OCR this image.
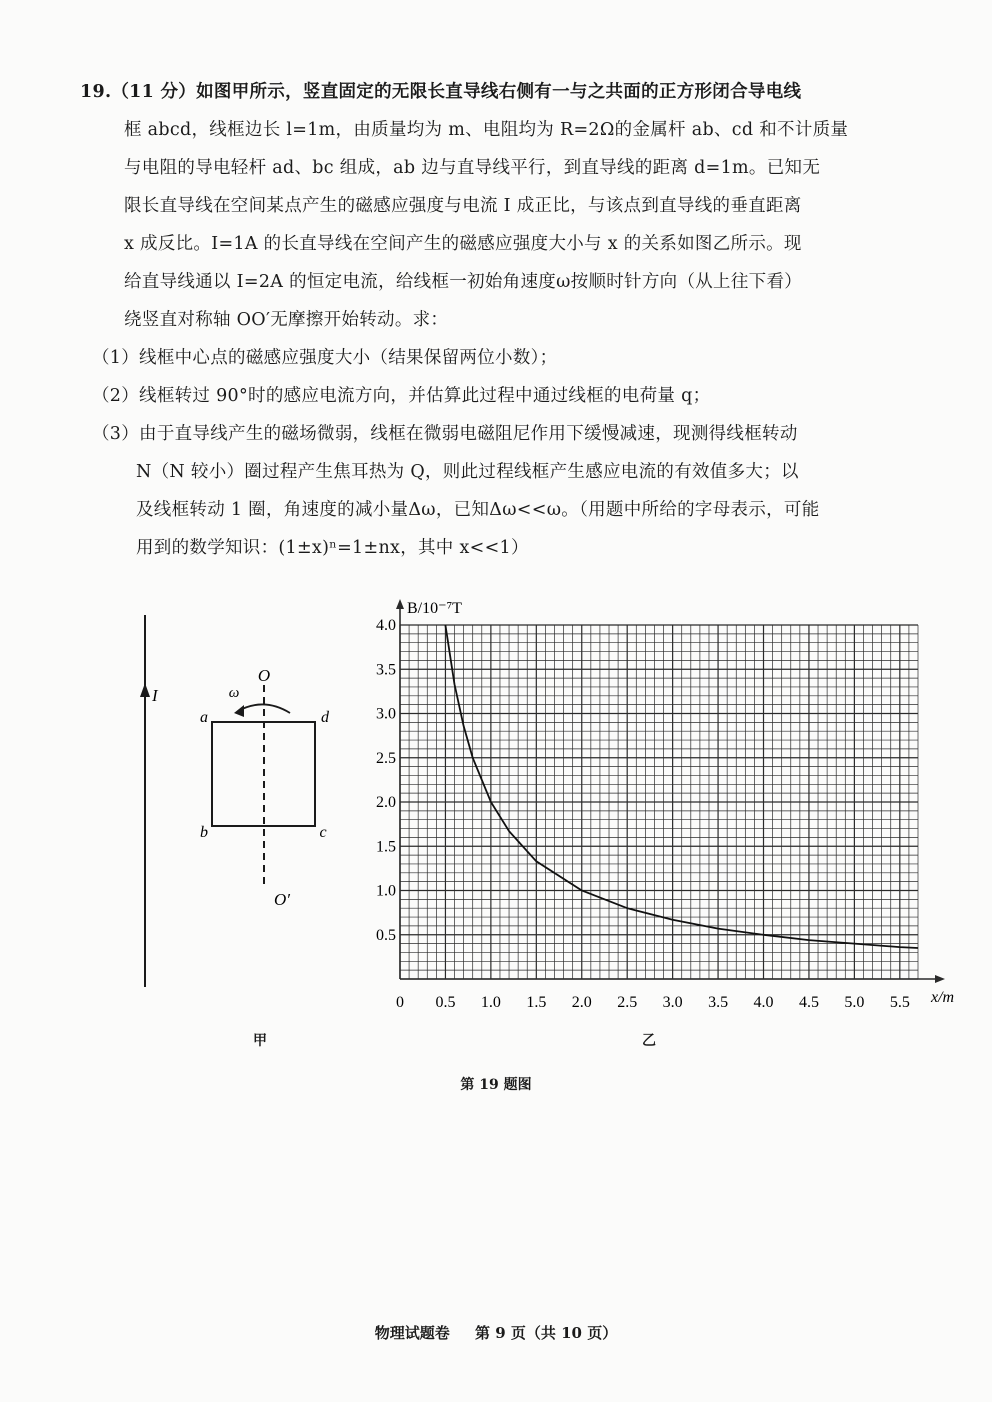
19.（11 分）如图甲所示，竖直固定的无限长直导线右侧有一与之共面的正方形闭合导电线
框 abcd，线框边长 l=1m，由质量均为 m、电阻均为 R=2Ω的金属杆 ab、cd 和不计质量
与电阻的导电轻杆 ad、bc 组成，ab 边与直导线平行，到直导线的距离 d=1m。已知无
限长直导线在空间某点产生的磁感应强度与电流 I 成正比，与该点到直导线的垂直距离
x 成反比。I=1A 的长直导线在空间产生的磁感应强度大小与 x 的关系如图乙所示。现
给直导线通以 I=2A 的恒定电流，给线框一初始角速度ω按顺时针方向（从上往下看）
绕竖直对称轴 OO′无摩擦开始转动。求：
（1）线框中心点的磁感应强度大小（结果保留两位小数）；
（2）线框转过 90°时的感应电流方向，并估算此过程中通过线框的电荷量 q；
（3）由于直导线产生的磁场微弱，线框在微弱电磁阻尼作用下缓慢减速，现测得线框转动
N（N 较小）圈过程产生焦耳热为 Q，则此过程线框产生感应电流的有效值多大；以
及线框转动 1 圈，角速度的减小量Δω，已知Δω<<ω。（用题中所给的字母表示，可能
用到的数学知识：(1±x)ⁿ=1±nx，其中 x<<1）
I
O
O′
ω
a	d
b	c
甲
0 0.5 1.0 1.5 2.0 2.5 3.0 3.5 4.0 4.5 5.0 5.5
0.5
1.0
1.5
2.0
2.5
3.0
3.5
4.0
B/10⁻⁷T
x/m
乙
第 19 题图
物理试题卷 第 9 页（共 10 页）
